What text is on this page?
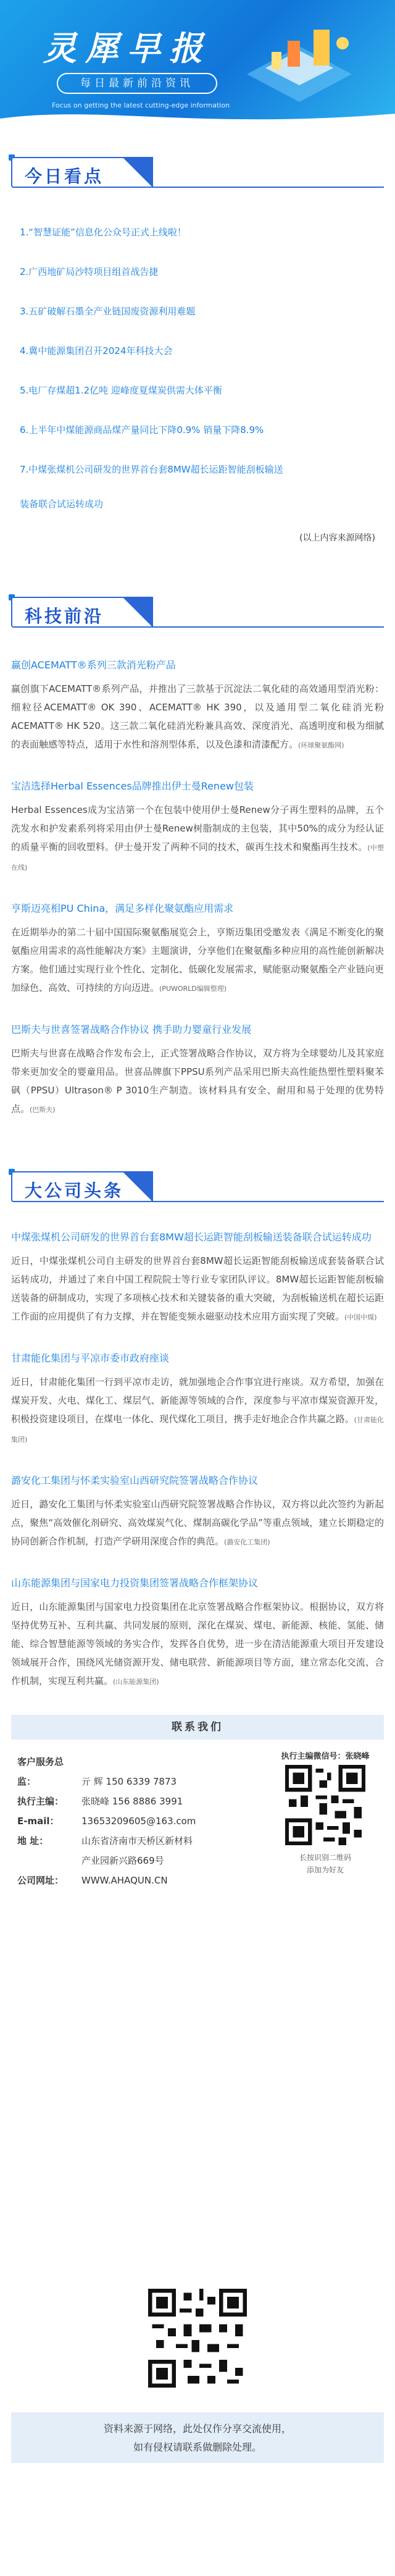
灵犀早报
每日最新前沿资讯
Focus on getting the latest cutting-edge information
今日看点
1.“智慧证能”信息化公众号正式上线啦！
2.广西地矿局沙特项目组首战告捷
3.五矿破解石墨全产业链国废资源利用难题
4.冀中能源集团召开2024年科技大会
5.电厂存煤超1.2亿吨 迎峰度夏煤炭供需大体平衡
6.上半年中煤能源商品煤产量同比下降0.9% 销量下降8.9%
7.中煤张煤机公司研发的世界首台套8MW超长运距智能刮板输送
装备联合试运转成功
(以上内容来源网络)
科技前沿
赢创ACEMATT®系列三款消光粉产品

赢创旗下ACEMATT®系列产品，并推出了三款基于沉淀法二氧化硅的高效通用型消光粉：细粒径ACEMATT® OK 390、ACEMATT® HK 390，以及通用型二氧化硅消光粉ACEMATT® HK 520。这三款二氧化硅消光粉兼具高效、深度消光、高透明度和极为细腻的表面触感等特点，适用于水性和溶剂型体系，以及色漆和清漆配方。(环球聚氨酯网)

宝洁选择Herbal Essences品牌推出伊士曼Renew包装

Herbal Essences成为宝洁第一个在包装中使用伊士曼Renew分子再生塑料的品牌，五个洗发水和护发素系列将采用由伊士曼Renew树脂制成的主包装，其中50%的成分为经认证的质量平衡的回收塑料。伊士曼开发了两种不同的技术，碳再生技术和聚酯再生技术。(中塑在线)

亨斯迈亮相PU China，满足多样化聚氨酯应用需求

在近期举办的第二十届中国国际聚氨酯展览会上，亨斯迈集团受邀发表《满足不断变化的聚氨酯应用需求的高性能解决方案》主题演讲，分享他们在聚氨酯多种应用的高性能创新解决方案。他们通过实现行业个性化、定制化、低碳化发展需求，赋能驱动聚氨酯全产业链向更加绿色、高效、可持续的方向迈进。(PUWORLD编辑整理)

巴斯夫与世喜签署战略合作协议 携手助力婴童行业发展

巴斯夫与世喜在战略合作发布会上，正式签署战略合作协议，双方将为全球婴幼儿及其家庭带来更加安全的婴童用品。世喜品牌旗下PPSU系列产品采用巴斯夫高性能热塑性塑料聚苯砜（PPSU）Ultrason® P 3010生产制造。该材料具有安全、耐用和易于处理的优势特点。(巴斯夫)

大公司头条
中煤张煤机公司研发的世界首台套8MW超长运距智能刮板输送装备联合试运转成功

近日，中煤张煤机公司自主研发的世界首台套8MW超长运距智能刮板输送成套装备联合试运转成功，并通过了来自中国工程院院士等行业专家团队评议。8MW超长运距智能刮板输送装备的研制成功，实现了多项核心技术和关键装备的重大突破，为刮板输送机在超长运距工作面的应用提供了有力支撑，并在智能变频永磁驱动技术应用方面实现了突破。(中国中煤)

甘肃能化集团与平凉市委市政府座谈

近日，甘肃能化集团一行到平凉市走访，就加强地企合作事宜进行座谈。双方希望，加强在煤炭开发、火电、煤化工、煤层气、新能源等领域的合作，深度参与平凉市煤炭资源开发，积极投资建设项目，在煤电一体化、现代煤化工项目，携手走好地企合作共赢之路。(甘肃能化集团)

潞安化工集团与怀柔实验室山西研究院签署战略合作协议

近日，潞安化工集团与怀柔实验室山西研究院签署战略合作协议，双方将以此次签约为新起点，聚焦“高效催化剂研究、高效煤炭气化、煤制高碳化学品”等重点领域，建立长期稳定的协同创新合作机制，打造产学研用深度合作的典范。(潞安化工集团)

山东能源集团与国家电力投资集团签署战略合作框架协议

近日，山东能源集团与国家电力投资集团在北京签署战略合作框架协议。根据协议，双方将坚持优势互补、互利共赢、共同发展的原则，深化在煤炭、煤电、新能源、核能、氢能、储能、综合智慧能源等领域的务实合作，发挥各自优势，进一步在清洁能源重大项目开发建设领域展开合作，围绕风光储资源开发、储电联营、新能源项目等方面，建立常态化交流、合作机制，实现互利共赢。(山东能源集团)

联系我们
客户服务总监：	亓 辉 150 6339 7873
执行主编： 张晓峰 156 8886 3991
E-mail： 13653209605@163.com
地 址：	山东省济南市天桥区新材料
产业园新兴路669号
公司网址： WWW.AHAQUN.CN
执行主编微信号：张晓峰
长按识别二维码
添加为好友
资料来源于网络，此处仅作分享交流使用，
如有侵权请联系做删除处理。
